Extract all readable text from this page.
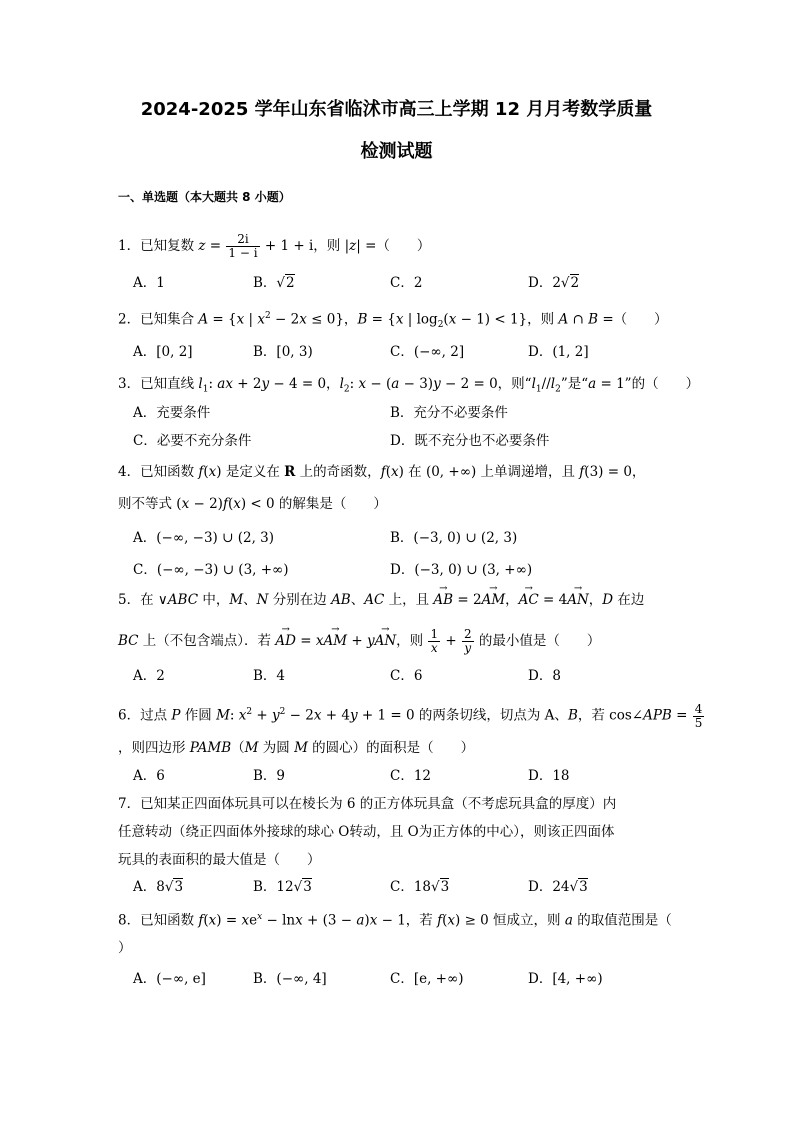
2024-2025 学年山东省临沭市高三上学期 12 月月考数学质量
检测试题
一、单选题（本大题共 8 小题）
1．已知复数 $z = \frac{2i}{1 - i} + 1 + i$，则 |z| =（　　）
A．1	B．√2	C．2	D．2√2
2．已知集合 A = {x | $x^2 - 2x \le 0$}，B = {x | $\log_2(x - 1) < 1$}，则 A ∩ B =（　　）
A．[0, 2]	B．[0, 3)	C．(−∞, 2]	D．(1, 2]
3．已知直线 $l_1$: ax + 2y − 4 = 0，$l_2$: x − (a − 3)y − 2 = 0，则“$l_1//l_2$”是“a = 1”的（　　）
A．充要条件	B．充分不必要条件
C．必要不充分条件	D．既不充分也不必要条件
4．已知函数 f(x) 是定义在 R 上的奇函数，f(x) 在 (0, +∞) 上单调递增，且 f(3) = 0，
则不等式 (x − 2)f(x) < 0 的解集是（　　）
A．(−∞, −3) ∪ (2, 3)	B．(−3, 0) ∪ (2, 3)
C．(−∞, −3) ∪ (3, +∞)	D．(−3, 0) ∪ (3, +∞)
5．在 ∨ABC 中，M、N 分别在边 AB、AC 上，且 → AB = 2→ AM，→ AC = 4→ AN，D 在边
BC 上（不包含端点）．若 → AD = x→ AM + y→ AN，则 $\frac{1}{x} + \frac{2}{y}$ 的最小值是（　　）
A．2	B．4	C．6	D．8
6．过点 P 作圆 M: $x^2 + y^2 - 2x + 4y + 1 = 0$ 的两条切线，切点为 A、B，若 cos∠APB = $\frac{4}{5}$
，则四边形 PAMB（M 为圆 M 的圆心）的面积是（　　）
A．6	B．9	C．12	D．18
7．已知某正四面体玩具可以在棱长为 6 的正方体玩具盒（不考虑玩具盒的厚度）内
任意转动（绕正四面体外接球的球心 O转动，且 O为正方体的中心），则该正四面体
玩具的表面积的最大值是（　　）
A．8√3	B．12√3	C．18√3	D．24√3
8．已知函数 $f(x) = xe^x - \ln x + (3 - a)x - 1$，若 f(x) ≥ 0 恒成立，则 a 的取值范围是（
）
A．(−∞, e]	B．(−∞, 4]	C．[e, +∞)	D．[4, +∞)
